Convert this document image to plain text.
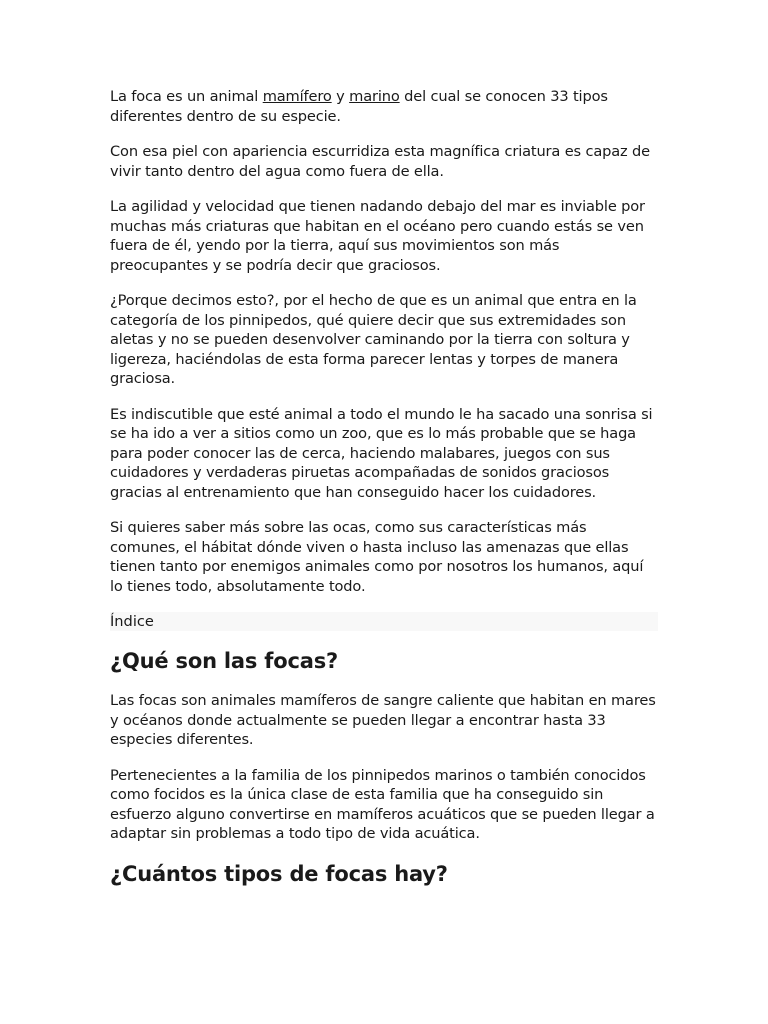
La foca es un animal mamífero y marino del cual se conocen 33 tipos diferentes dentro de su especie.

Con esa piel con apariencia escurridiza esta magnífica criatura es capaz de vivir tanto dentro del agua como fuera de ella.

La agilidad y velocidad que tienen nadando debajo del mar es inviable por muchas más criaturas que habitan en el océano pero cuando estás se ven fuera de él, yendo por la tierra, aquí sus movimientos son más preocupantes y se podría decir que graciosos.

¿Porque decimos esto?, por el hecho de que es un animal que entra en la categoría de los pinnipedos, qué quiere decir que sus extremidades son aletas y no se pueden desenvolver caminando por la tierra con soltura y ligereza, haciéndolas de esta forma parecer lentas y torpes de manera graciosa.

Es indiscutible que esté animal a todo el mundo le ha sacado una sonrisa si se ha ido a ver a sitios como un zoo, que es lo más probable que se haga para poder conocer las de cerca, haciendo malabares, juegos con sus cuidadores y verdaderas piruetas acompañadas de sonidos graciosos gracias al entrenamiento que han conseguido hacer los cuidadores.

Si quieres saber más sobre las ocas, como sus características más comunes, el hábitat dónde viven o hasta incluso las amenazas que ellas tienen tanto por enemigos animales como por nosotros los humanos, aquí lo tienes todo, absolutamente todo.

Índice
¿Qué son las focas?

Las focas son animales mamíferos de sangre caliente que habitan en mares y océanos donde actualmente se pueden llegar a encontrar hasta 33 especies diferentes.

Pertenecientes a la familia de los pinnipedos marinos o también conocidos como focidos es la única clase de esta familia que ha conseguido sin esfuerzo alguno convertirse en mamíferos acuáticos que se pueden llegar a adaptar sin problemas a todo tipo de vida acuática.

¿Cuántos tipos de focas hay?
